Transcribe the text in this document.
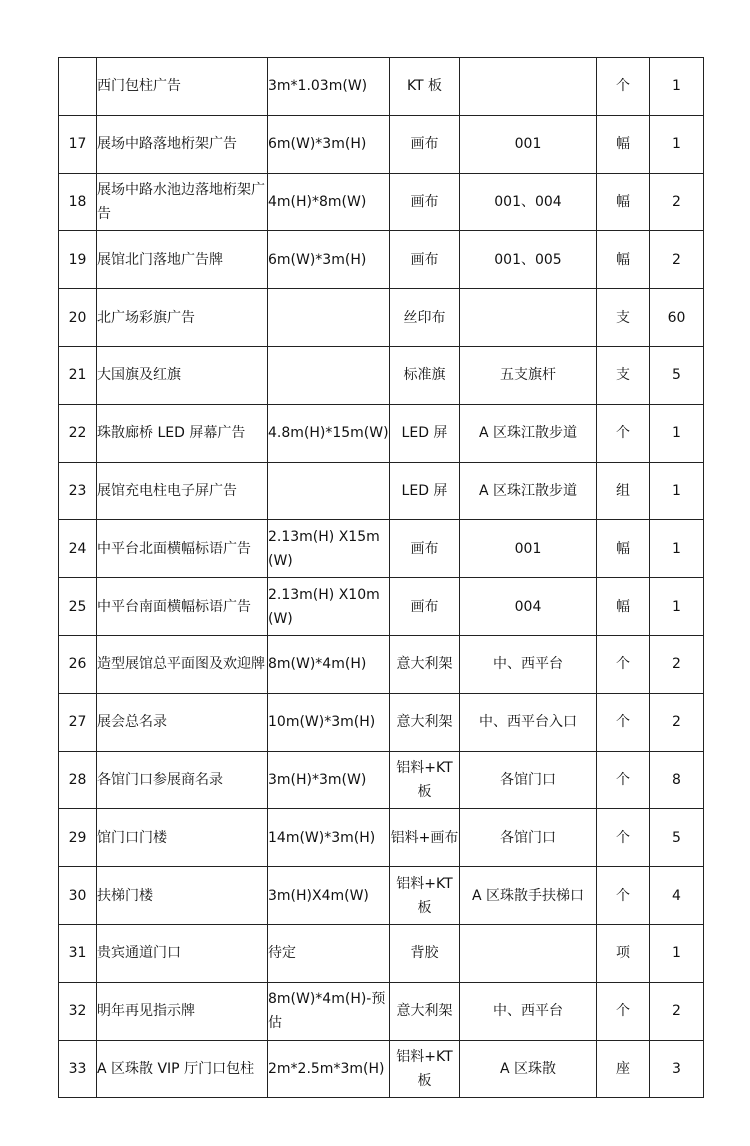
	西门包柱广告	3m*1.03m(W)	KT 板		个	1
17	展场中路落地桁架广告	6m(W)*3m(H)	画布	001	幅	1
18	展场中路水池边落地桁架广告	4m(H)*8m(W)	画布	001、004	幅	2
19	展馆北门落地广告牌	6m(W)*3m(H)	画布	001、005	幅	2
20	北广场彩旗广告		丝印布		支	60
21	大国旗及红旗		标准旗	五支旗杆	支	5
22	珠散廊桥 LED 屏幕广告	4.8m(H)*15m(W)	LED 屏	A 区珠江散步道	个	1
23	展馆充电柱电子屏广告		LED 屏	A 区珠江散步道	组	1
24	中平台北面横幅标语广告	2.13m(H) X15m(W)	画布	001	幅	1
25	中平台南面横幅标语广告	2.13m(H) X10m(W)	画布	004	幅	1
26	造型展馆总平面图及欢迎牌	8m(W)*4m(H)	意大利架	中、西平台	个	2
27	展会总名录	10m(W)*3m(H)	意大利架	中、西平台入口	个	2
28	各馆门口参展商名录	3m(H)*3m(W)	铝料+KT 板	各馆门口	个	8
29	馆门口门楼	14m(W)*3m(H)	铝料+画布	各馆门口	个	5
30	扶梯门楼	3m(H)X4m(W)	铝料+KT 板	A 区珠散手扶梯口	个	4
31	贵宾通道门口	待定	背胶		项	1
32	明年再见指示牌	8m(W)*4m(H)-预估	意大利架	中、西平台	个	2
33	A 区珠散 VIP 厅门口包柱	2m*2.5m*3m(H)	铝料+KT 板	A 区珠散	座	3
